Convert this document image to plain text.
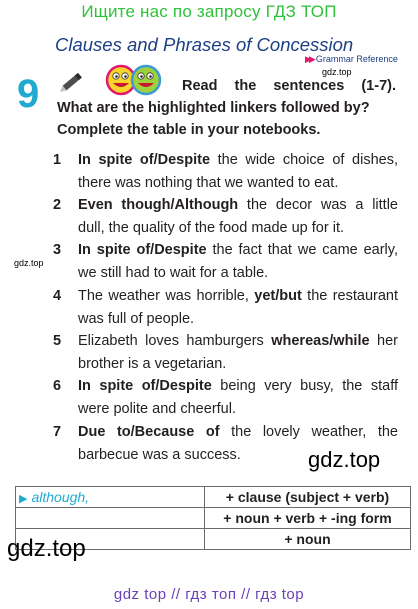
Ищите нас по запросу ГДЗ ТОП
Clauses and Phrases of Concession
▶▶ Grammar Reference
gdz.top
9	Read the sentences (1-7).
What are the highlighted linkers followed by?
Complete the table in your notebooks.
1 In spite of/Despite the wide choice of dishes, there was nothing that we wanted to eat.
2 Even though/Although the decor was a little dull, the quality of the food made up for it.
3 In spite of/Despite the fact that we came early, we still had to wait for a table.
4 The weather was horrible, yet/but the restaurant was full of people.
5 Elizabeth loves hamburgers whereas/while her brother is a vegetarian.
6 In spite of/Despite being very busy, the staff were polite and cheerful.
7 Due to/Because of the lovely weather, the barbecue was a success.
gdz.top
gdz.top
▶ although,	+ clause (subject + verb)
	+ noun + verb + -ing form
	+ noun
gdz.top
gdz top // гдз топ // гдз top
